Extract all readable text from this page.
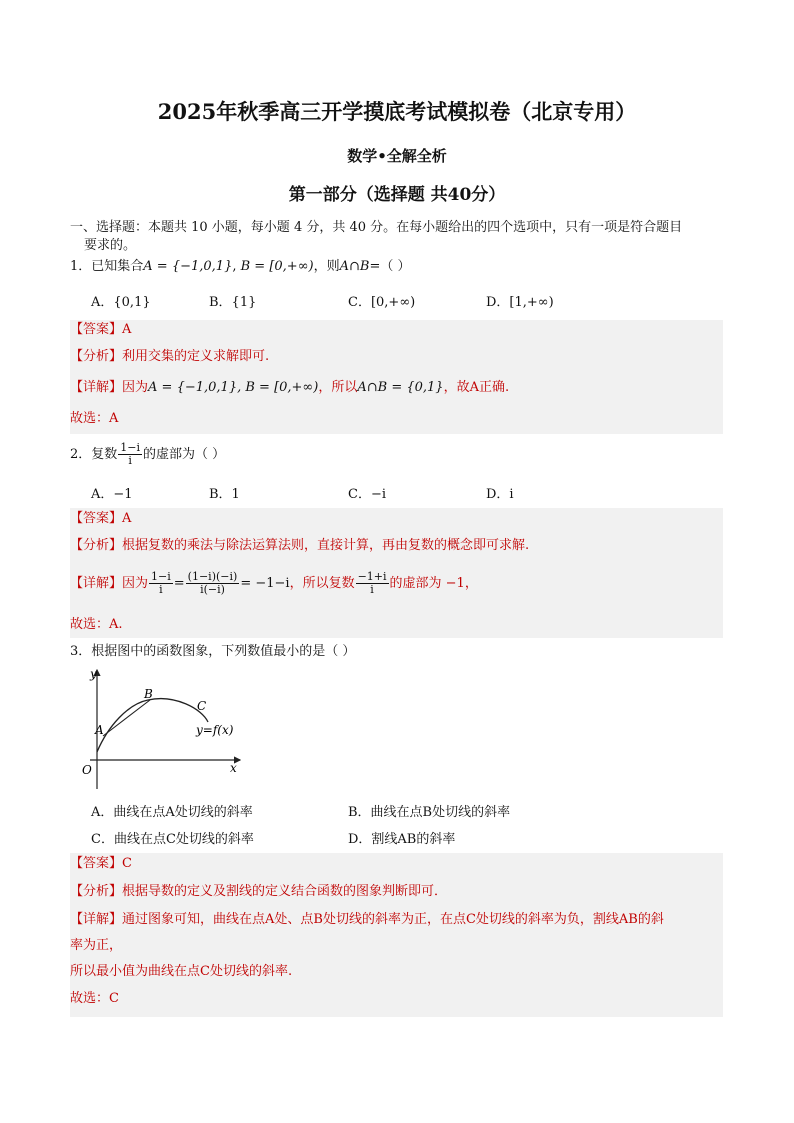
2025年秋季高三开学摸底考试模拟卷（北京专用）
数学•全解全析
第一部分（选择题 共40分）
一、选择题：本题共 10 小题，每小题 4 分，共 40 分。在每小题给出的四个选项中，只有一项是符合题目
要求的。
1．已知集合A = {−1,0,1}, B = [0,+∞)，则A∩B=（ ）
A．{0,1}	B．{1}	C．[0,+∞)	D．[1,+∞)
【答案】A
【分析】利用交集的定义求解即可.
【详解】因为A = {−1,0,1}, B = [0,+∞)，所以A∩B = {0,1}，故A正确.
故选：A
2．复数 $\frac{1-i}{i}$ 的虚部为（ ）
A．−1	B．1	C．−i	D．i
【答案】A
【分析】根据复数的乘法与除法运算法则，直接计算，再由复数的概念即可求解.
【详解】因为 $\frac{1-i}{i} = \frac{(1-i)(-i)}{i(-i)} = -1-i$，所以复数 $\frac{-1+i}{i}$ 的虚部为 −1，
故选：A.
3．根据图中的函数图象，下列数值最小的是（ ）
y
x
O
A
B
C
y=f(x)
A．曲线在点A处切线的斜率	B．曲线在点B处切线的斜率
C．曲线在点C处切线的斜率	D．割线AB的斜率
【答案】C
【分析】根据导数的定义及割线的定义结合函数的图象判断即可．
【详解】通过图象可知，曲线在点A处、点B处切线的斜率为正，在点C处切线的斜率为负，割线AB的斜
率为正，
所以最小值为曲线在点C处切线的斜率.
故选：C
